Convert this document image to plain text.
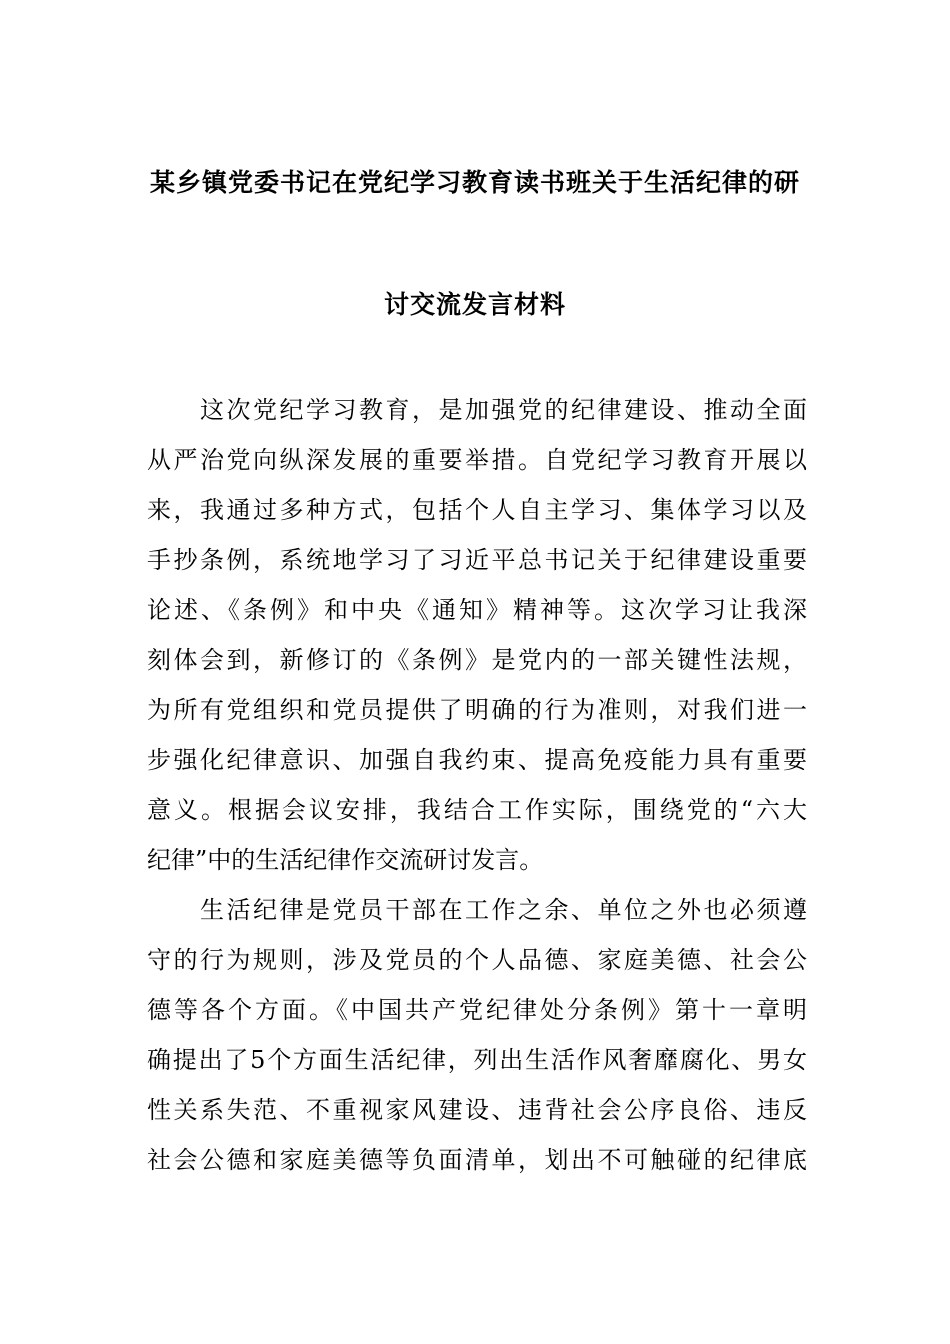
某乡镇党委书记在党纪学习教育读书班关于生活纪律的研
讨交流发言材料
　　这次党纪学习教育，是加强党的纪律建设、推动全面
从严治党向纵深发展的重要举措。自党纪学习教育开展以
来，我通过多种方式，包括个人自主学习、集体学习以及
手抄条例，系统地学习了习近平总书记关于纪律建设重要
论述、《条例》和中央《通知》精神等。这次学习让我深
刻体会到，新修订的《条例》是党内的一部关键性法规，
为所有党组织和党员提供了明确的行为准则，对我们进一
步强化纪律意识、加强自我约束、提高免疫能力具有重要
意义。根据会议安排，我结合工作实际，围绕党的“六大
纪律”中的生活纪律作交流研讨发言。
　　生活纪律是党员干部在工作之余、单位之外也必须遵
守的行为规则，涉及党员的个人品德、家庭美德、社会公
德等各个方面。《中国共产党纪律处分条例》第十一章明
确提出了5个方面生活纪律，列出生活作风奢靡腐化、男女
性关系失范、不重视家风建设、违背社会公序良俗、违反
社会公德和家庭美德等负面清单，划出不可触碰的纪律底
